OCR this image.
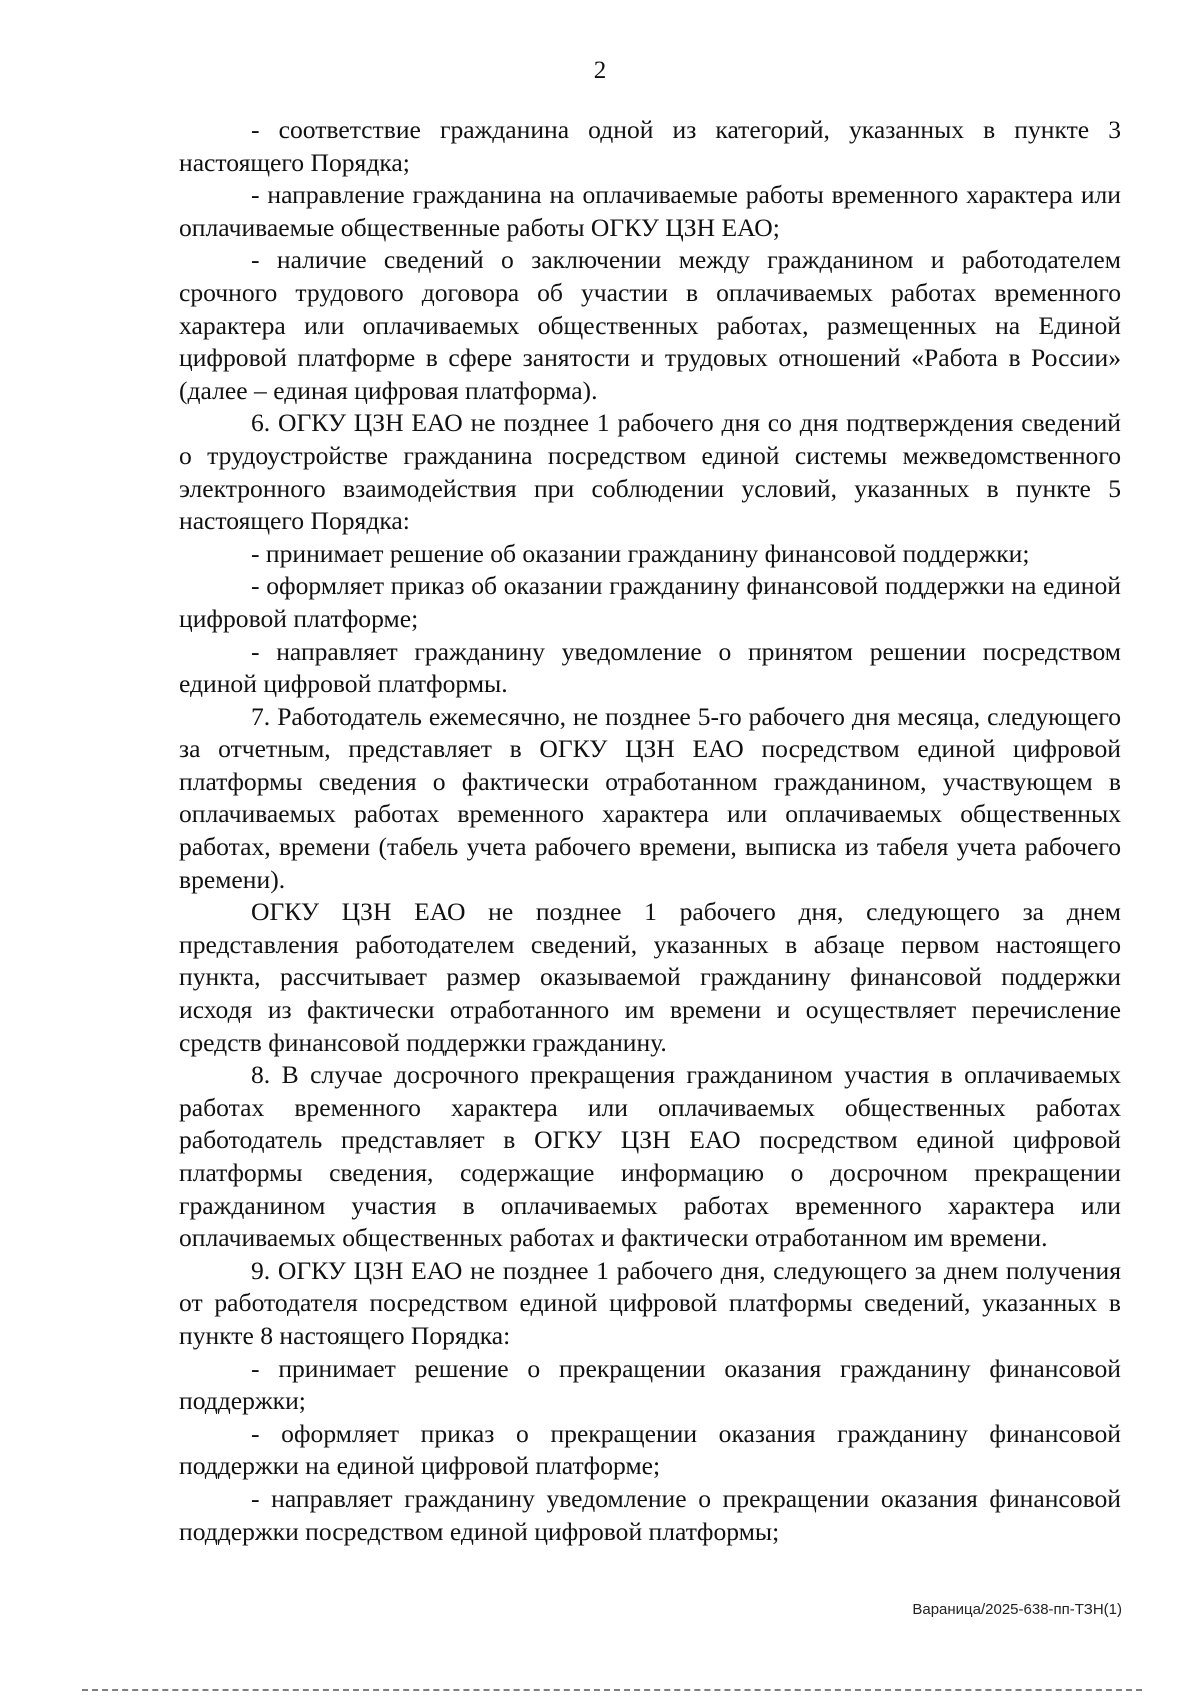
2

- соответствие гражданина одной из категорий, указанных в пункте 3 настоящего Порядка;

- направление гражданина на оплачиваемые работы временного характера или оплачиваемые общественные работы ОГКУ ЦЗН ЕАО;

- наличие сведений о заключении между гражданином и работодателем срочного трудового договора об участии в оплачиваемых работах временного характера или оплачиваемых общественных работах, размещенных на Единой цифровой платформе в сфере занятости и трудовых отношений «Работа в России» (далее – единая цифровая платформа).

6. ОГКУ ЦЗН ЕАО не позднее 1 рабочего дня со дня подтверждения сведений о трудоустройстве гражданина посредством единой системы межведомственного электронного взаимодействия при соблюдении условий, указанных в пункте 5 настоящего Порядка:

- принимает решение об оказании гражданину финансовой поддержки;

- оформляет приказ об оказании гражданину финансовой поддержки на единой цифровой платформе;

- направляет гражданину уведомление о принятом решении посредством единой цифровой платформы.

7. Работодатель ежемесячно, не позднее 5-го рабочего дня месяца, следующего за отчетным, представляет в ОГКУ ЦЗН ЕАО посредством единой цифровой платформы сведения о фактически отработанном гражданином, участвующем в оплачиваемых работах временного характера или оплачиваемых общественных работах, времени (табель учета рабочего времени, выписка из табеля учета рабочего времени).

ОГКУ ЦЗН ЕАО не позднее 1 рабочего дня, следующего за днем представления работодателем сведений, указанных в абзаце первом настоящего пункта, рассчитывает размер оказываемой гражданину финансовой поддержки исходя из фактически отработанного им времени и осуществляет перечисление средств финансовой поддержки гражданину.

8. В случае досрочного прекращения гражданином участия в оплачиваемых работах временного характера или оплачиваемых общественных работах работодатель представляет в ОГКУ ЦЗН ЕАО посредством единой цифровой платформы сведения, содержащие информацию о досрочном прекращении гражданином участия в оплачиваемых работах временного характера или оплачиваемых общественных работах и фактически отработанном им времени.

9. ОГКУ ЦЗН ЕАО не позднее 1 рабочего дня, следующего за днем получения от работодателя посредством единой цифровой платформы сведений, указанных в пункте 8 настоящего Порядка:

- принимает решение о прекращении оказания гражданину финансовой поддержки;

- оформляет приказ о прекращении оказания гражданину финансовой поддержки на единой цифровой платформе;

- направляет гражданину уведомление о прекращении оказания финансовой поддержки посредством единой цифровой платформы;

Вараница/2025-638-пп-ТЗН(1)
